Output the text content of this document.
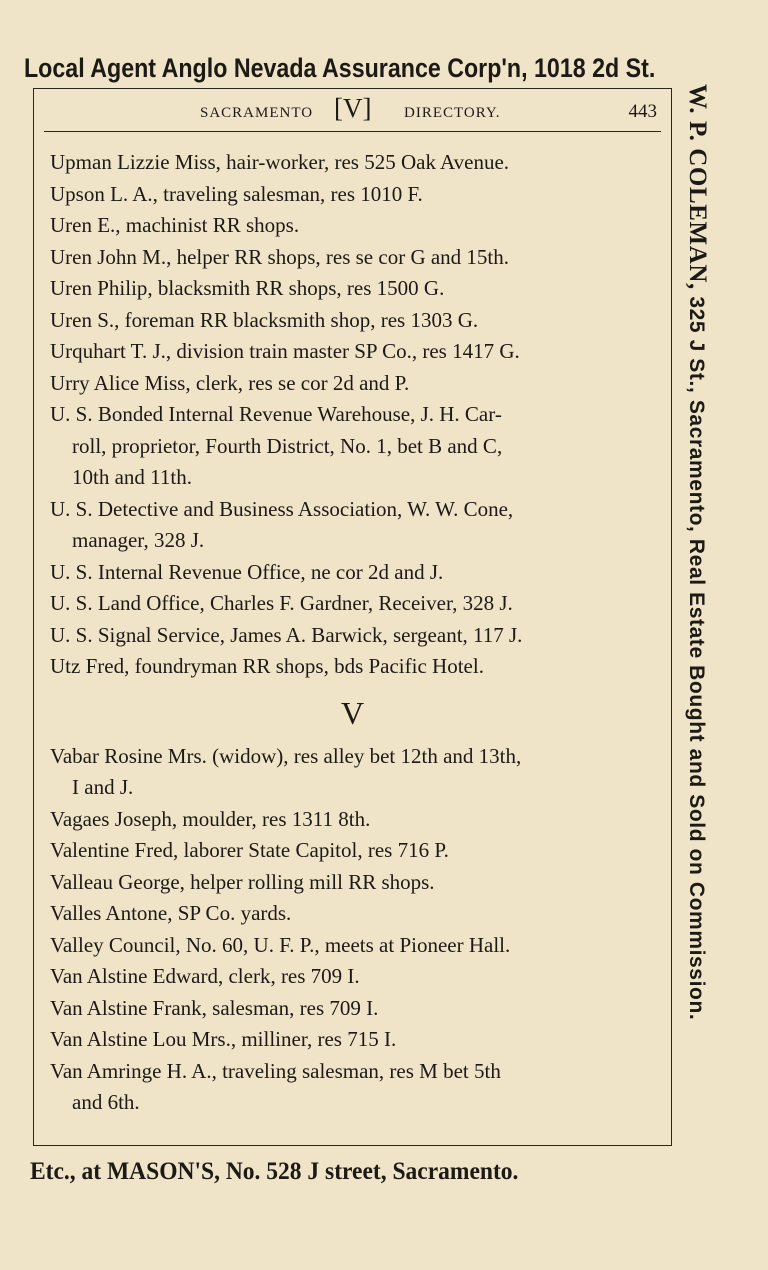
Local Agent Anglo Nevada Assurance Corp'n, 1018 2d St.
SACRAMENTO [V] DIRECTORY.	443
Upman Lizzie Miss, hair-worker, res 525 Oak Avenue.
Upson L. A., traveling salesman, res 1010 F.
Uren E., machinist RR shops.
Uren John M., helper RR shops, res se cor G and 15th.
Uren Philip, blacksmith RR shops, res 1500 G.
Uren S., foreman RR blacksmith shop, res 1303 G.
Urquhart T. J., division train master SP Co., res 1417 G.
Urry Alice Miss, clerk, res se cor 2d and P.
U. S. Bonded Internal Revenue Warehouse, J. H. Car-
roll, proprietor, Fourth District, No. 1, bet B and C,
10th and 11th.
U. S. Detective and Business Association, W. W. Cone,
manager, 328 J.
U. S. Internal Revenue Office, ne cor 2d and J.
U. S. Land Office, Charles F. Gardner, Receiver, 328 J.
U. S. Signal Service, James A. Barwick, sergeant, 117 J.
Utz Fred, foundryman RR shops, bds Pacific Hotel.
V
Vabar Rosine Mrs. (widow), res alley bet 12th and 13th,
I and J.
Vagaes Joseph, moulder, res 1311 8th.
Valentine Fred, laborer State Capitol, res 716 P.
Valleau George, helper rolling mill RR shops.
Valles Antone, SP Co. yards.
Valley Council, No. 60, U. F. P., meets at Pioneer Hall.
Van Alstine Edward, clerk, res 709 I.
Van Alstine Frank, salesman, res 709 I.
Van Alstine Lou Mrs., milliner, res 715 I.
Van Amringe H. A., traveling salesman, res M bet 5th
and 6th.
W. P. COLEMAN, 325 J St., Sacramento, Real Estate Bought and Sold on Commission.
Etc., at MASON'S, No. 528 J street, Sacramento.
